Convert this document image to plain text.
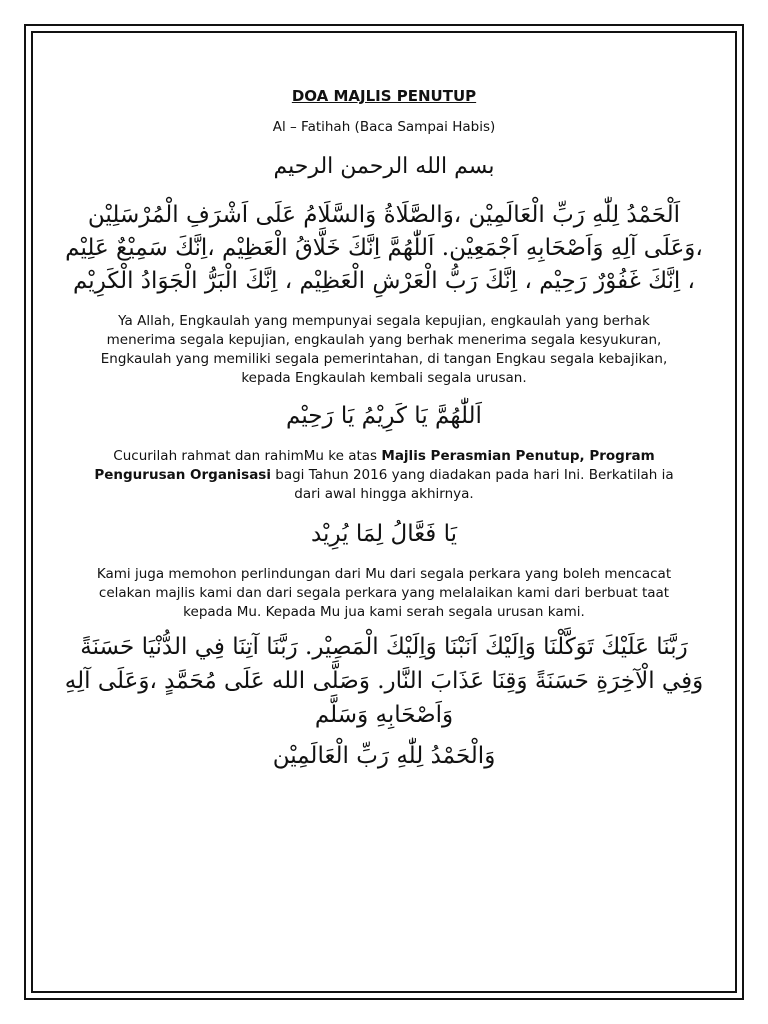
DOA MAJLIS PENUTUP

Al – Fatihah (Baca Sampai Habis)

بسم الله الرحمن الرحيم

اَلْحَمْدُ لِلّٰهِ رَبِّ الْعَالَمِيْن ،وَالصَّلَاةُ وَالسَّلَامُ عَلَى اَشْرَفِ الْمُرْسَلِيْن ،وَعَلَى آلِهِ وَاَصْحَابِهِ اَجْمَعِيْن. اَللّٰهُمَّ اِنَّكَ خَلَّاقُ الْعَظِيْم ،اِنَّكَ سَمِيْعٌ عَلِيْم ، اِنَّكَ غَفُوْرٌ رَحِيْم ، اِنَّكَ رَبُّ الْعَرْشِ الْعَظِيْم ، اِنَّكَ الْبَرُّ الْجَوَادُ الْكَرِيْم

Ya Allah, Engkaulah yang mempunyai segala kepujian, engkaulah yang berhak menerima segala kepujian, engkaulah yang berhak menerima segala kesyukuran, Engkaulah yang memiliki segala pemerintahan, di tangan Engkau segala kebajikan, kepada Engkaulah kembali segala urusan.

اَللّٰهُمَّ يَا كَرِيْمُ يَا رَحِيْم

Cucurilah rahmat dan rahimMu ke atas Majlis Perasmian Penutup, Program Pengurusan Organisasi bagi Tahun 2016 yang diadakan pada hari Ini. Berkatilah ia dari awal hingga akhirnya.

يَا فَعَّالُ لِمَا يُرِيْد

Kami juga memohon perlindungan dari Mu dari segala perkara yang boleh mencacat celakan majlis kami dan dari segala perkara yang melalaikan kami dari berbuat taat kepada Mu. Kepada Mu jua kami serah segala urusan kami.

رَبَّنَا عَلَيْكَ تَوَكَّلْنَا وَاِلَيْكَ اَنَبْنَا وَاِلَيْكَ الْمَصِيْر. رَبَّنَا آتِنَا فِي الدُّنْيَا حَسَنَةً وَفِي الْآخِرَةِ حَسَنَةً وَقِنَا عَذَابَ النَّار. وَصَلَّى الله عَلَى مُحَمَّدٍ ،وَعَلَى آلِهِ وَاَصْحَابِهِ وَسَلَّم

وَالْحَمْدُ لِلّٰهِ رَبِّ الْعَالَمِيْن
